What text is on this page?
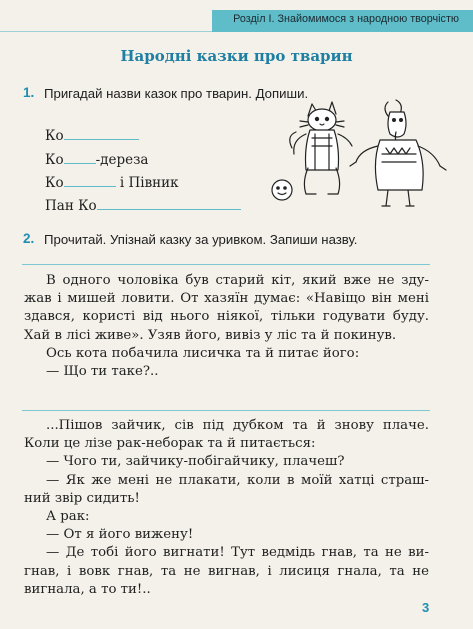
Розділ I. Знайомимося з народною творчістю
Народні казки про тварин
1. Пригадай назви казок про тварин. Допиши.
Ко
Ко -дереза
Ко	і Півник
Пан Ко
2. Прочитай. Упізнай казку за уривком. Запиши назву.

В одного чоловіка був старий кіт, який вже не здужав і мишей ловити. От хазяїн думає: «Навіщо він мені здався, користі від нього ніякої, тільки годувати буду. Хай в лісі живе». Узяв його, вивіз у ліс та й покинув.

Ось кота побачила лисичка та й питає його:

— Що ти таке?..

...Пішов зайчик, сів під дубком та й знову плаче. Коли це лізе рак-неборак та й питається:

— Чого ти, зайчику-побігайчику, плачеш?

— Як же мені не плакати, коли в моїй хатці страшний звір сидить!

А рак:

— От я його вижену!

— Де тобі його вигнати! Тут ведмідь гнав, та не вигнав, і вовк гнав, та не вигнав, і лисиця гнала, та не вигнала, а то ти!..

3
